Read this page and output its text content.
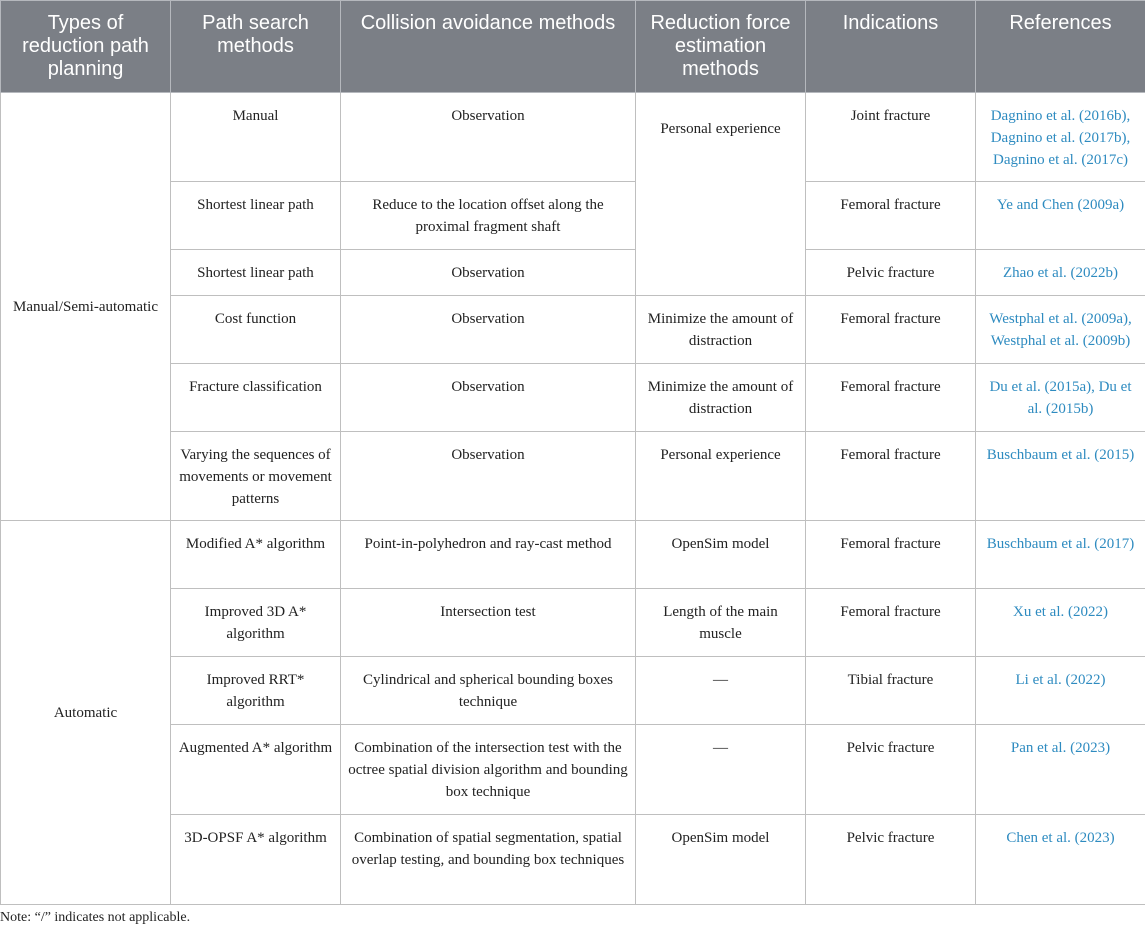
Types of reduction path planning	Path search methods	Collision avoidance methods	Reduction force estimation methods	Indications	References
Manual/Semi-automatic	Manual	Observation	Personal experience	Joint fracture	Dagnino et al. (2016b), Dagnino et al. (2017b), Dagnino et al. (2017c)
	Shortest linear path	Reduce to the location offset along the proximal fragment shaft		Femoral fracture	Ye and Chen (2009a)
	Shortest linear path	Observation		Pelvic fracture	Zhao et al. (2022b)
	Cost function	Observation	Minimize the amount of distraction	Femoral fracture	Westphal et al. (2009a), Westphal et al. (2009b)
	Fracture classification	Observation	Minimize the amount of distraction	Femoral fracture	Du et al. (2015a), Du et al. (2015b)
	Varying the sequences of movements or movement patterns	Observation	Personal experience	Femoral fracture	Buschbaum et al. (2015)
Automatic	Modified A* algorithm	Point-in-polyhedron and ray-cast method	OpenSim model	Femoral fracture	Buschbaum et al. (2017)
	Improved 3D A* algorithm	Intersection test	Length of the main muscle	Femoral fracture	Xu et al. (2022)
	Improved RRT* algorithm	Cylindrical and spherical bounding boxes technique	—	Tibial fracture	Li et al. (2022)
	Augmented A* algorithm	Combination of the intersection test with the octree spatial division algorithm and bounding box technique	—	Pelvic fracture	Pan et al. (2023)
	3D-OPSF A* algorithm	Combination of spatial segmentation, spatial overlap testing, and bounding box techniques	OpenSim model	Pelvic fracture	Chen et al. (2023)
Note: “/” indicates not applicable.
